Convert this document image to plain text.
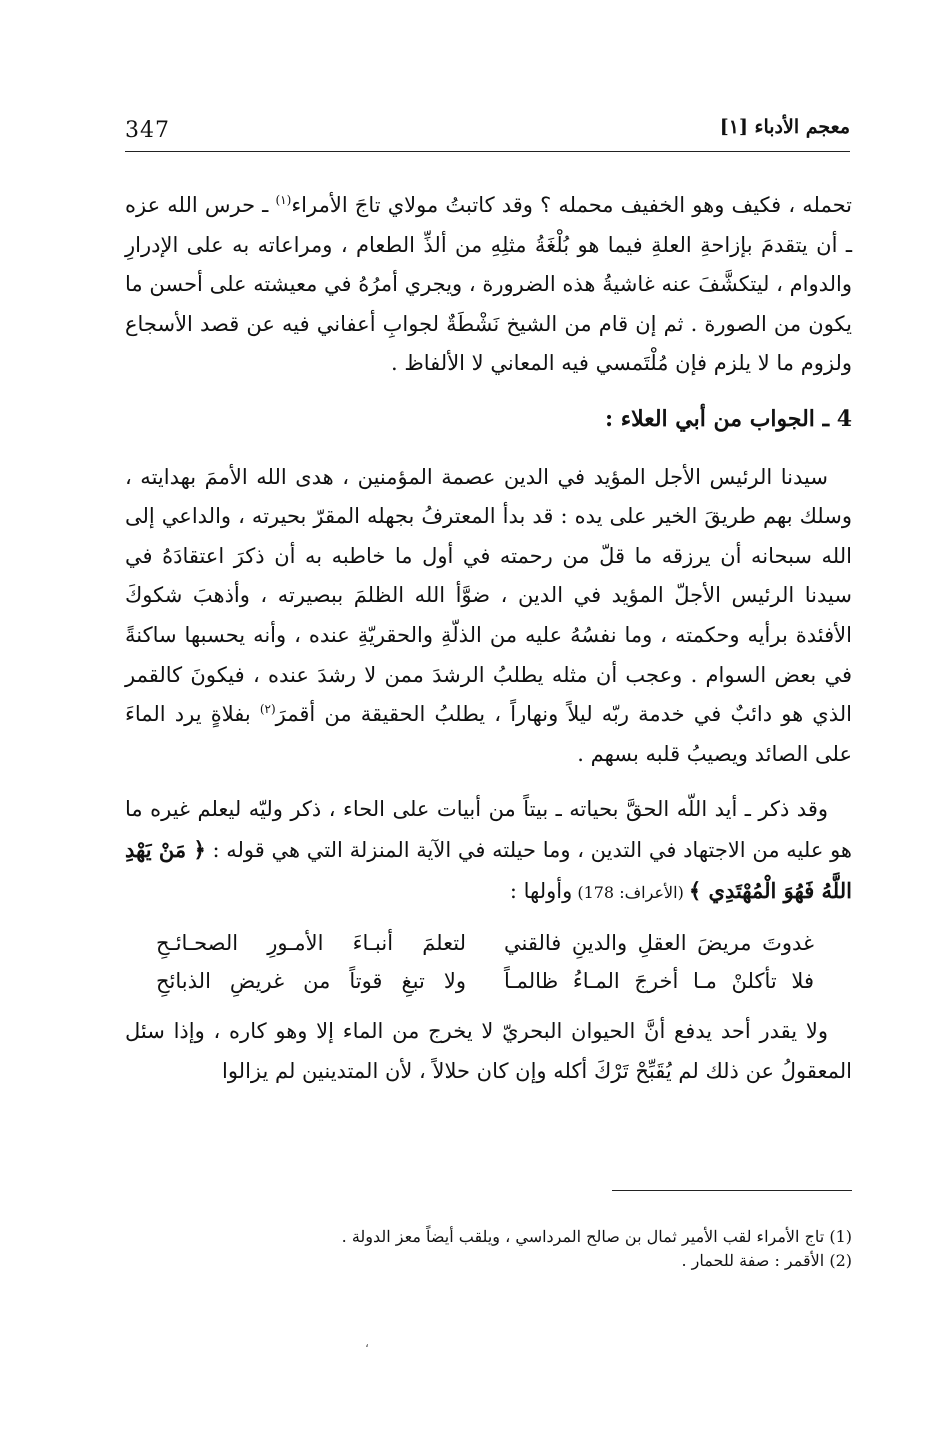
347	معجم الأدباء [١]

تحمله ، فكيف وهو الخفيف محمله ؟ وقد كاتبتُ مولاي تاجَ الأمراء$^{(١)}$ ـ حرس الله عزه ـ أن يتقدمَ بإزاحةِ العلةِ فيما هو بُلْغَةُ مثلِهِ من ألذِّ الطعام ، ومراعاته به على الإدرارِ والدوام ، ليتكشَّفَ عنه غاشيةُ هذه الضرورة ، ويجري أمرُهُ في معيشته على أحسن ما يكون من الصورة . ثم إن قام من الشيخ نَشْطَةٌ لجوابِ أعفاني فيه عن قصد الأسجاع ولزوم ما لا يلزم فإن مُلْتَمسي فيه المعاني لا الألفاظ .

4 ـ الجواب من أبي العلاء :

سيدنا الرئيس الأجل المؤيد في الدين عصمة المؤمنين ، هدى الله الأممَ بهدايته ، وسلك بهم طريقَ الخير على يده : قد بدأ المعترفُ بجهله المقرّ بحيرته ، والداعي إلى الله سبحانه أن يرزقه ما قلّ من رحمته في أول ما خاطبه به أن ذكرَ اعتقادَهُ في سيدنا الرئيس الأجلّ المؤيد في الدين ، ضوَّأ الله الظلمَ ببصيرته ، وأذهبَ شكوكَ الأفئدة برأيه وحكمته ، وما نفسُهُ عليه من الذلّةِ والحقريّةِ عنده ، وأنه يحسبها ساكنةً في بعض السوام . وعجب أن مثله يطلبُ الرشدَ ممن لا رشدَ عنده ، فيكونَ كالقمر الذي هو دائبٌ في خدمة ربّه ليلاً ونهاراً ، يطلبُ الحقيقة من أقمرَ$^{(٢)}$ بفلاةٍ يرد الماءَ على الصائد ويصيبُ قلبه بسهم .

وقد ذكر ـ أيد اللّه الحقَّ بحياته ـ بيتاً من أبيات على الحاء ، ذكر وليّه ليعلم غيره ما هو عليه من الاجتهاد في التدين ، وما حيلته في الآية المنزلة التي هي قوله : ﴿ مَنْ يَهْدِ اللَّهُ فَهُوَ الْمُهْتَدِي ﴾ (الأعراف: 178) وأولها :

غدوتَ مريضَ العقلِ والدينِ فالقني
لتعلمَ أنبـاءَ الأمـورِ الصحـائـحِ
فلا تأكلنْ مـا أخرجَ المـاءُ ظالمـاً
ولا تبغِ قوتاً من غريضِ الذبائحِ

ولا يقدر أحد يدفع أنَّ الحيوان البحريّ لا يخرج من الماء إلا وهو كاره ، وإذا سئل المعقولُ عن ذلك لم يُقَبِّحْ تَرْكَ أكله وإن كان حلالاً ، لأن المتدينين لم يزالوا

(1) تاج الأمراء لقب الأمير ثمال بن صالح المرداسي ، ويلقب أيضاً معز الدولة .

(2) الأقمر : صفة للحمار .

،
